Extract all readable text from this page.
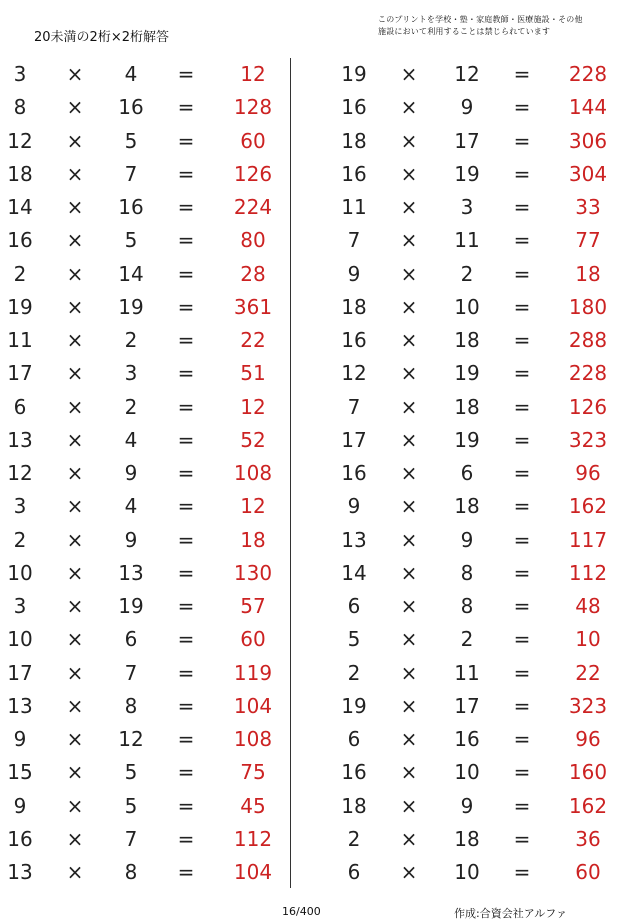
20未満の2桁×2桁解答
このプリントを学校・塾・家庭教師・医療施設・その他
施設において利用することは禁じられています
3	×	4	=	12
8	×	16	=	128
12	×	5	=	60
18	×	7	=	126
14	×	16	=	224
16	×	5	=	80
2	×	14	=	28
19	×	19	=	361
11	×	2	=	22
17	×	3	=	51
6	×	2	=	12
13	×	4	=	52
12	×	9	=	108
3	×	4	=	12
2	×	9	=	18
10	×	13	=	130
3	×	19	=	57
10	×	6	=	60
17	×	7	=	119
13	×	8	=	104
9	×	12	=	108
15	×	5	=	75
9	×	5	=	45
16	×	7	=	112
13	×	8	=	104
19	×	12	=	228
16	×	9	=	144
18	×	17	=	306
16	×	19	=	304
11	×	3	=	33
7	×	11	=	77
9	×	2	=	18
18	×	10	=	180
16	×	18	=	288
12	×	19	=	228
7	×	18	=	126
17	×	19	=	323
16	×	6	=	96
9	×	18	=	162
13	×	9	=	117
14	×	8	=	112
6	×	8	=	48
5	×	2	=	10
2	×	11	=	22
19	×	17	=	323
6	×	16	=	96
16	×	10	=	160
18	×	9	=	162
2	×	18	=	36
6	×	10	=	60
16/400	作成:合資会社アルファ
